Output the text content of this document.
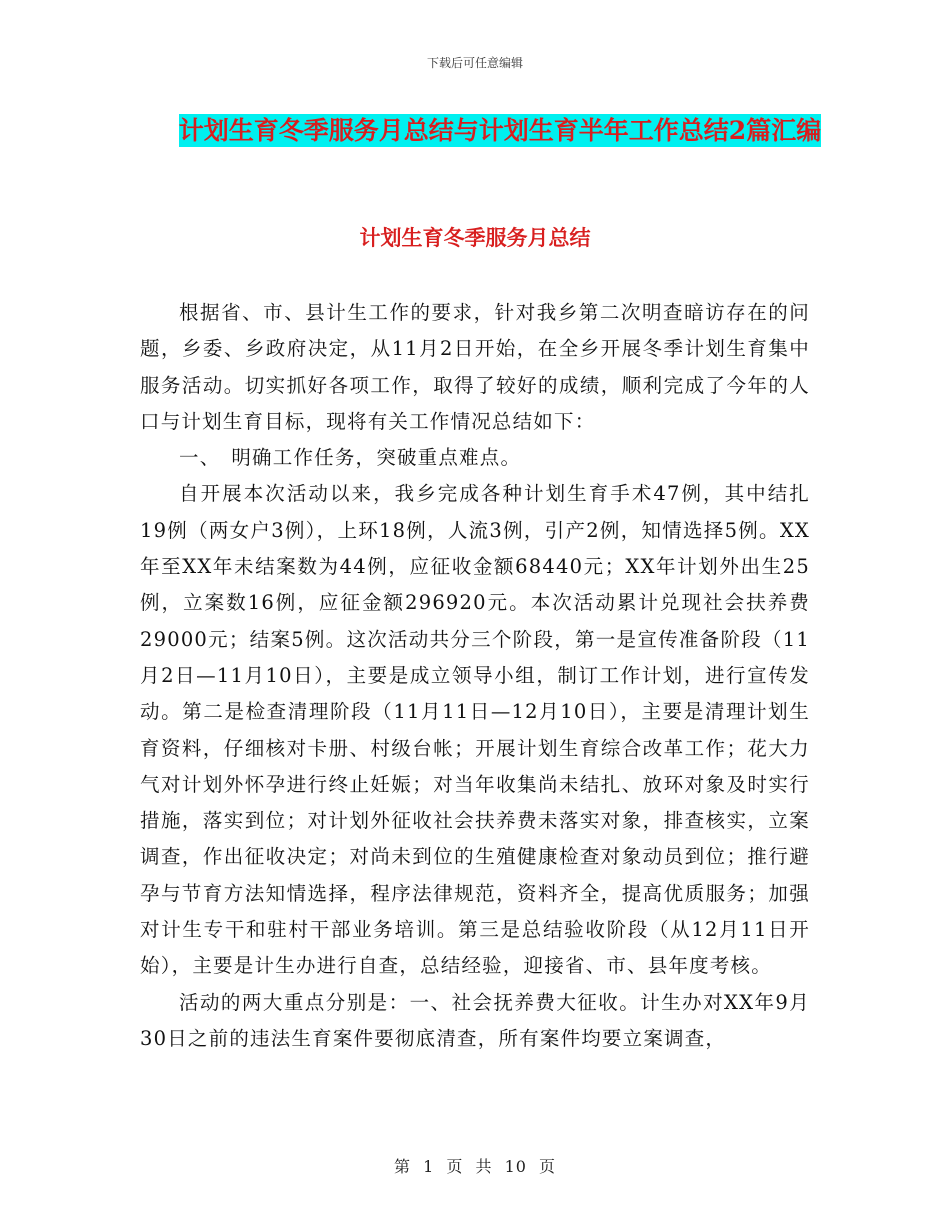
下载后可任意编辑
计划生育冬季服务月总结与计划生育半年工作总结2篇汇编
计划生育冬季服务月总结

根据省、市、县计生工作的要求，针对我乡第二次明查暗访存在的问题，乡委、乡政府决定，从11月2日开始，在全乡开展冬季计划生育集中服务活动。切实抓好各项工作，取得了较好的成绩，顺利完成了今年的人口与计划生育目标，现将有关工作情况总结如下：

一、　明确工作任务，突破重点难点。

自开展本次活动以来，我乡完成各种计划生育手术47例，其中结扎19例（两女户3例），上环18例，人流3例，引产2例，知情选择5例。XX年至XX年未结案数为44例，应征收金额68440元；XX年计划外出生25例，立案数16例，应征金额296920元。本次活动累计兑现社会扶养费29000元；结案5例。这次活动共分三个阶段，第一是宣传准备阶段（11月2日—11月10日），主要是成立领导小组，制订工作计划，进行宣传发动。第二是检查清理阶段（11月11日—12月10日），主要是清理计划生育资料，仔细核对卡册、村级台帐；开展计划生育综合改革工作；花大力气对计划外怀孕进行终止妊娠；对当年收集尚未结扎、放环对象及时实行措施，落实到位；对计划外征收社会扶养费未落实对象，排查核实，立案调查，作出征收决定；对尚未到位的生殖健康检查对象动员到位；推行避孕与节育方法知情选择，程序法律规范，资料齐全，提高优质服务；加强对计生专干和驻村干部业务培训。第三是总结验收阶段（从12月11日开始），主要是计生办进行自查，总结经验，迎接省、市、县年度考核。

活动的两大重点分别是：一、社会抚养费大征收。计生办对XX年9月30日之前的违法生育案件要彻底清查，所有案件均要立案调查，

第 1 页 共 10 页
